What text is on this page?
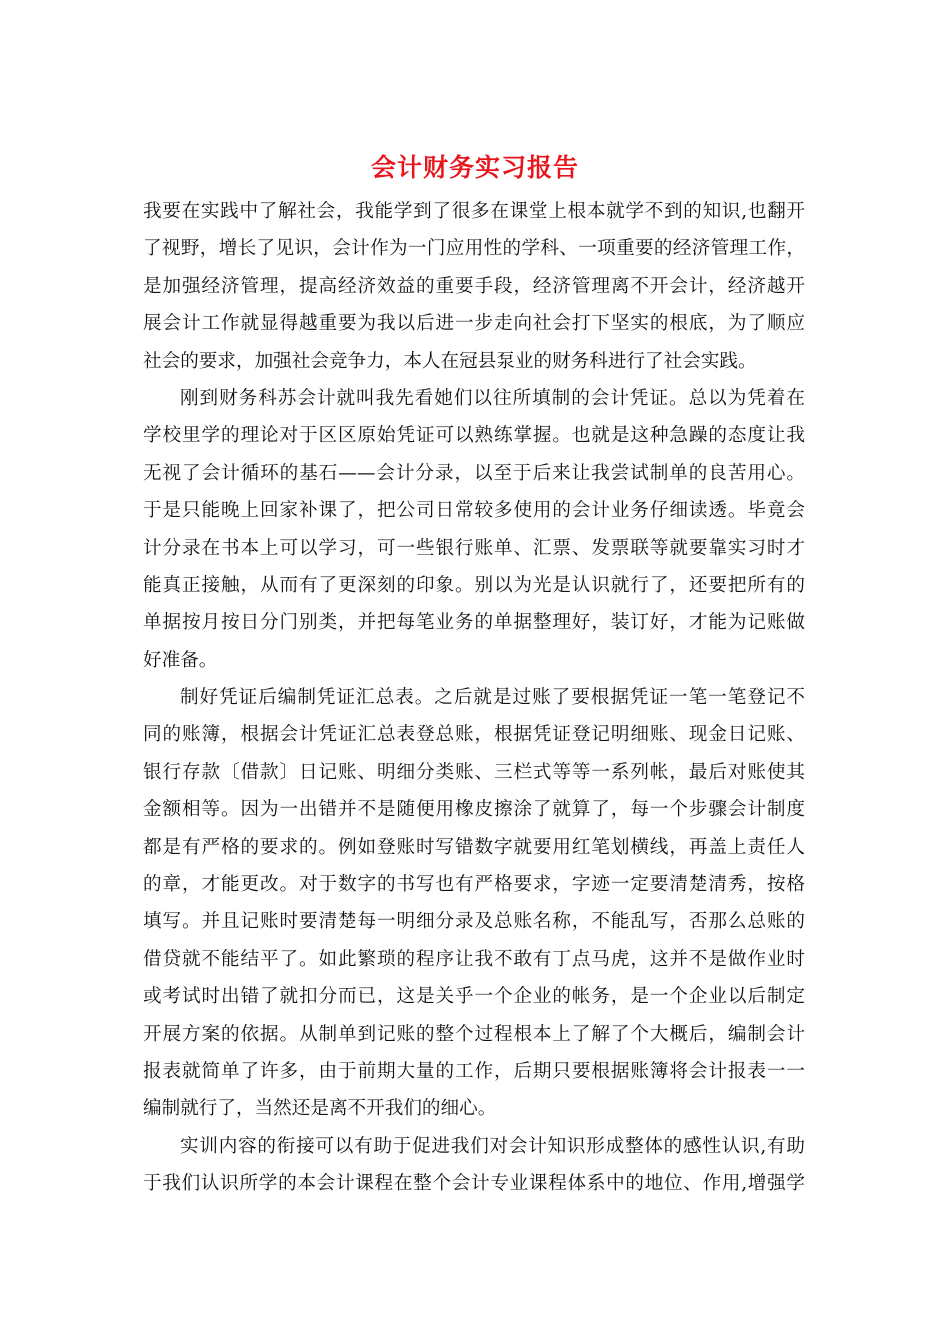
会计财务实习报告

我要在实践中了解社会，我能学到了很多在课堂上根本就学不到的知识,也翻开
了视野，增长了见识，会计作为一门应用性的学科、一项重要的经济管理工作，
是加强经济管理，提高经济效益的重要手段，经济管理离不开会计，经济越开
展会计工作就显得越重要为我以后进一步走向社会打下坚实的根底，为了顺应
社会的要求，加强社会竞争力，本人在冠县泵业的财务科进行了社会实践。

刚到财务科苏会计就叫我先看她们以往所填制的会计凭证。总以为凭着在
学校里学的理论对于区区原始凭证可以熟练掌握。也就是这种急躁的态度让我
无视了会计循环的基石——会计分录，以至于后来让我尝试制单的良苦用心。
于是只能晚上回家补课了，把公司日常较多使用的会计业务仔细读透。毕竟会
计分录在书本上可以学习，可一些银行账单、汇票、发票联等就要靠实习时才
能真正接触，从而有了更深刻的印象。别以为光是认识就行了，还要把所有的
单据按月按日分门别类，并把每笔业务的单据整理好，装订好，才能为记账做
好准备。

制好凭证后编制凭证汇总表。之后就是过账了要根据凭证一笔一笔登记不
同的账簿，根据会计凭证汇总表登总账，根据凭证登记明细账、现金日记账、
银行存款〔借款〕日记账、明细分类账、三栏式等等一系列帐，最后对账使其
金额相等。因为一出错并不是随便用橡皮擦涂了就算了，每一个步骤会计制度
都是有严格的要求的。例如登账时写错数字就要用红笔划横线，再盖上责任人
的章，才能更改。对于数字的书写也有严格要求，字迹一定要清楚清秀，按格
填写。并且记账时要清楚每一明细分录及总账名称，不能乱写，否那么总账的
借贷就不能结平了。如此繁琐的程序让我不敢有丁点马虎，这并不是做作业时
或考试时出错了就扣分而已，这是关乎一个企业的帐务，是一个企业以后制定
开展方案的依据。从制单到记账的整个过程根本上了解了个大概后，编制会计
报表就简单了许多，由于前期大量的工作，后期只要根据账簿将会计报表一一
编制就行了，当然还是离不开我们的细心。

实训内容的衔接可以有助于促进我们对会计知识形成整体的感性认识,有助
于我们认识所学的本会计课程在整个会计专业课程体系中的地位、作用,增强学
